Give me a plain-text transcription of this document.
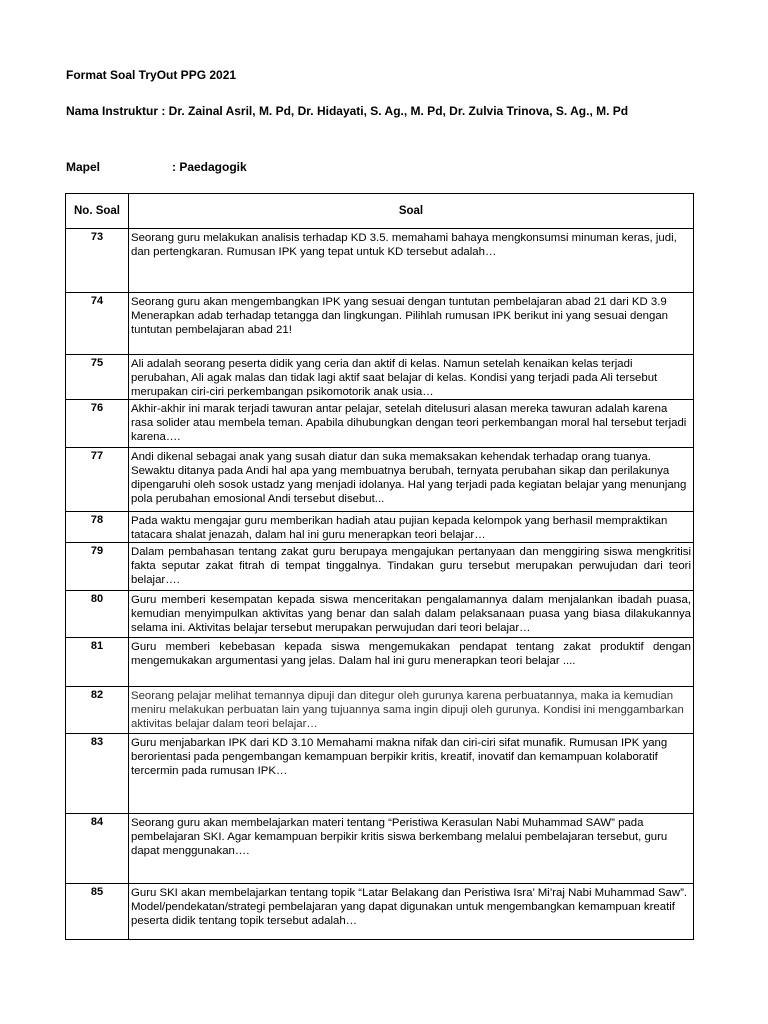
Format Soal TryOut PPG 2021
Nama Instruktur : Dr. Zainal Asril, M. Pd, Dr. Hidayati, S. Ag., M. Pd, Dr. Zulvia Trinova, S. Ag., M. Pd
Mapel	: Paedagogik
No. Soal	Soal
73	Seorang guru melakukan analisis terhadap KD 3.5. memahami bahaya mengkonsumsi minuman keras, judi, dan pertengkaran. Rumusan IPK yang tepat untuk KD tersebut adalah…
74	Seorang guru akan mengembangkan IPK yang sesuai dengan tuntutan pembelajaran abad 21 dari KD 3.9 Menerapkan adab terhadap tetangga dan lingkungan. Pilihlah rumusan IPK berikut ini yang sesuai dengan tuntutan pembelajaran abad 21!
75	Ali adalah seorang peserta didik yang ceria dan aktif di kelas. Namun setelah kenaikan kelas terjadi perubahan, Ali agak malas dan tidak lagi aktif saat belajar di kelas. Kondisi yang terjadi pada Ali tersebut merupakan ciri-ciri perkembangan psikomotorik anak usia…
76	Akhir-akhir ini marak terjadi tawuran antar pelajar, setelah ditelusuri alasan mereka tawuran adalah karena rasa solider atau membela teman. Apabila dihubungkan dengan teori perkembangan moral hal tersebut terjadi karena….
77	Andi dikenal sebagai anak yang susah diatur dan suka memaksakan kehendak terhadap orang tuanya. Sewaktu ditanya pada Andi hal apa yang membuatnya berubah, ternyata perubahan sikap dan perilakunya dipengaruhi oleh sosok ustadz yang menjadi idolanya. Hal yang terjadi pada kegiatan belajar yang menunjang pola perubahan emosional Andi tersebut disebut...
78	Pada waktu mengajar guru memberikan hadiah atau pujian kepada kelompok yang berhasil mempraktikan tatacara shalat jenazah, dalam hal ini guru menerapkan teori belajar…
79	Dalam pembahasan tentang zakat guru berupaya mengajukan pertanyaan dan menggiring siswa mengkritisi fakta seputar zakat fitrah di tempat tinggalnya. Tindakan guru tersebut merupakan perwujudan dari teori belajar….
80	Guru memberi kesempatan kepada siswa menceritakan pengalamannya dalam menjalankan ibadah puasa, kemudian menyimpulkan aktivitas yang benar dan salah dalam pelaksanaan puasa yang biasa dilakukannya selama ini. Aktivitas belajar tersebut merupakan perwujudan dari teori belajar…
81	Guru memberi kebebasan kepada siswa mengemukakan pendapat tentang zakat produktif dengan mengemukakan argumentasi yang jelas. Dalam hal ini guru menerapkan teori belajar ....
82	Seorang pelajar melihat temannya dipuji dan ditegur oleh gurunya karena perbuatannya, maka ia kemudian meniru melakukan perbuatan lain yang tujuannya sama ingin dipuji oleh gurunya. Kondisi ini menggambarkan aktivitas belajar dalam teori belajar…
83	Guru menjabarkan IPK dari KD 3.10 Memahami makna nifak dan ciri-ciri sifat munafik. Rumusan IPK yang berorientasi pada pengembangan kemampuan berpikir kritis, kreatif, inovatif dan kemampuan kolaboratif tercermin pada rumusan IPK…
84	Seorang guru akan membelajarkan materi tentang “Peristiwa Kerasulan Nabi Muhammad SAW” pada pembelajaran SKI. Agar kemampuan berpikir kritis siswa berkembang melalui pembelajaran tersebut, guru dapat menggunakan….
85	Guru SKI akan membelajarkan tentang topik “Latar Belakang dan Peristiwa Isra’ Mi’raj Nabi Muhammad Saw”. Model/pendekatan/strategi pembelajaran yang dapat digunakan untuk mengembangkan kemampuan kreatif peserta didik tentang topik tersebut adalah…
